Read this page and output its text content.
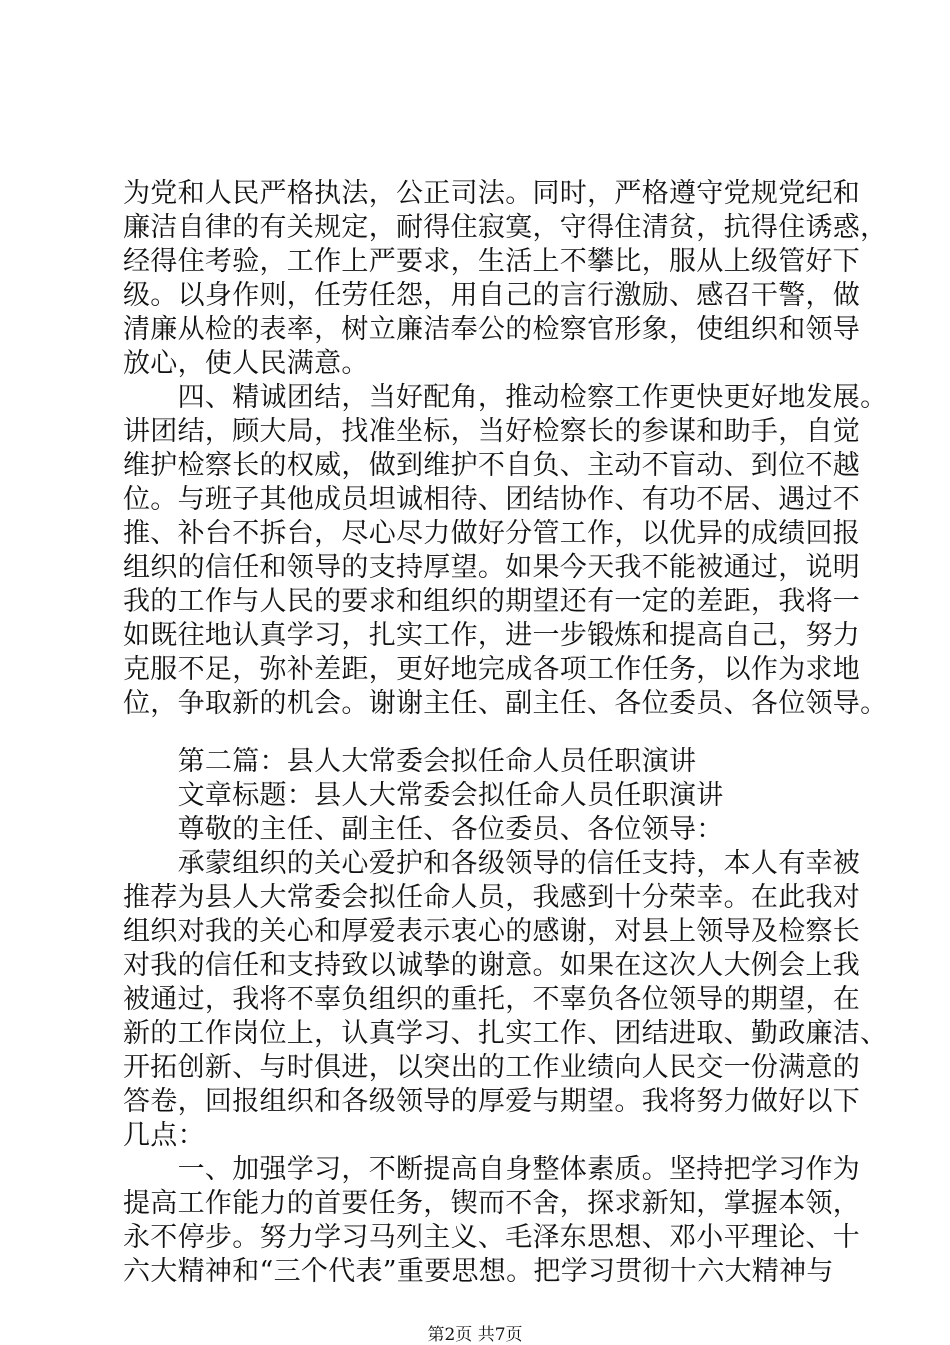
为党和人民严格执法，公正司法。同时，严格遵守党规党纪和
廉洁自律的有关规定，耐得住寂寞，守得住清贫，抗得住诱惑，
经得住考验，工作上严要求，生活上不攀比，服从上级管好下
级。以身作则，任劳任怨，用自己的言行激励、感召干警，做
清廉从检的表率，树立廉洁奉公的检察官形象，使组织和领导
放心，使人民满意。
　　四、精诚团结，当好配角，推动检察工作更快更好地发展。
讲团结，顾大局，找准坐标，当好检察长的参谋和助手，自觉
维护检察长的权威，做到维护不自负、主动不盲动、到位不越
位。与班子其他成员坦诚相待、团结协作、有功不居、遇过不
推、补台不拆台，尽心尽力做好分管工作，以优异的成绩回报
组织的信任和领导的支持厚望。如果今天我不能被通过，说明
我的工作与人民的要求和组织的期望还有一定的差距，我将一
如既往地认真学习，扎实工作，进一步锻炼和提高自己，努力
克服不足，弥补差距，更好地完成各项工作任务，以作为求地
位，争取新的机会。谢谢主任、副主任、各位委员、各位领导。
　　第二篇：县人大常委会拟任命人员任职演讲
　　文章标题：县人大常委会拟任命人员任职演讲
　　尊敬的主任、副主任、各位委员、各位领导：
　　承蒙组织的关心爱护和各级领导的信任支持，本人有幸被
推荐为县人大常委会拟任命人员，我感到十分荣幸。在此我对
组织对我的关心和厚爱表示衷心的感谢，对县上领导及检察长
对我的信任和支持致以诚挚的谢意。如果在这次人大例会上我
被通过，我将不辜负组织的重托，不辜负各位领导的期望，在
新的工作岗位上，认真学习、扎实工作、团结进取、勤政廉洁、
开拓创新、与时俱进，以突出的工作业绩向人民交一份满意的
答卷，回报组织和各级领导的厚爱与期望。我将努力做好以下
几点：
　　一、加强学习，不断提高自身整体素质。坚持把学习作为
提高工作能力的首要任务，锲而不舍，探求新知，掌握本领，
永不停步。努力学习马列主义、毛泽东思想、邓小平理论、十
六大精神和“三个代表”重要思想。把学习贯彻十六大精神与
第2页 共7页
